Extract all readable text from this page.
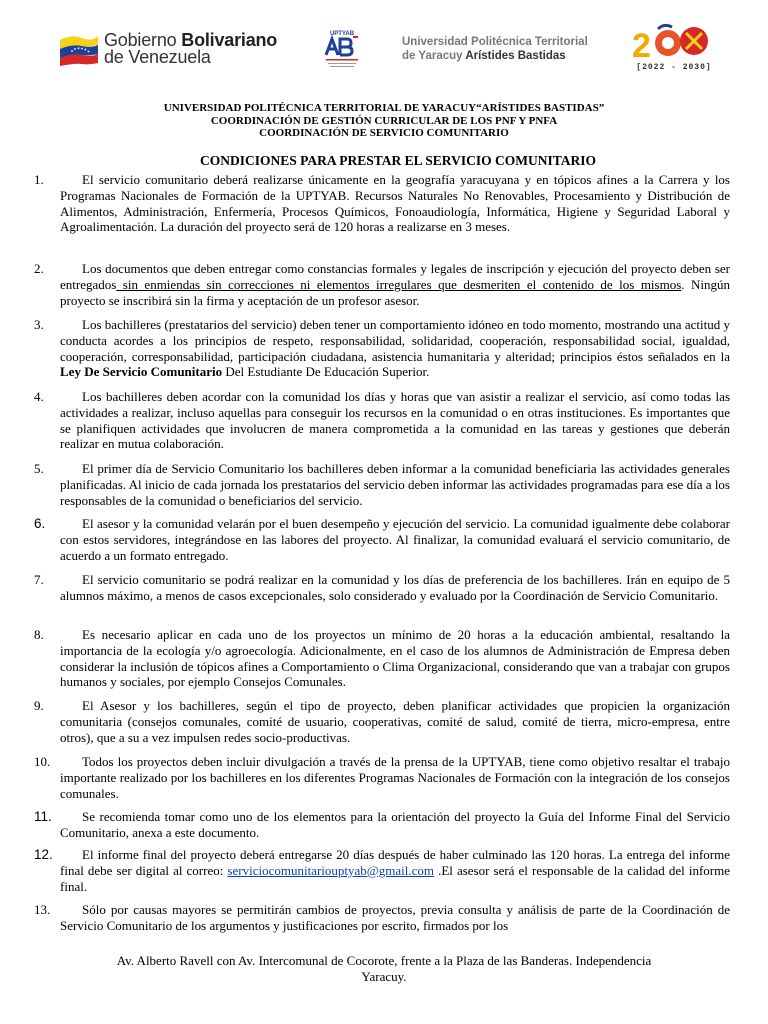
Gobierno Bolivariano
de Venezuela
UPTYAB
Universidad Politécnica Territorial
de Yaracuy Arístides Bastidas	2
[2022 - 2030]
UNIVERSIDAD POLITÉCNICA TERRITORIAL DE YARACUY“ARÍSTIDES BASTIDAS”
COORDINACIÓN DE GESTIÓN CURRICULAR DE LOS PNF Y PNFA
COORDINACIÓN DE SERVICIO COMUNITARIO
CONDICIONES PARA PRESTAR EL SERVICIO COMUNITARIO
1.	El servicio comunitario deberá realizarse únicamente en la geografía yaracuyana y en tópicos afines a la Carrera y los Programas Nacionales de Formación de la UPTYAB. Recursos Naturales No Renovables, Procesamiento y Distribución de Alimentos, Administración, Enfermería, Procesos Químicos, Fonoaudiología, Informática, Higiene y Seguridad Laboral y Agroalimentación. La duración del proyecto será de 120 horas a realizarse en 3 meses.
2.	Los documentos que deben entregar como constancias formales y legales de inscripción y ejecución del proyecto deben ser entregados sin enmiendas sin correcciones ni elementos irregulares que desmeriten el contenido de los mismos. Ningún proyecto se inscribirá sin la firma y aceptación de un profesor asesor.
3.	Los bachilleres (prestatarios del servicio) deben tener un comportamiento idóneo en todo momento, mostrando una actitud y conducta acordes a los principios de respeto, responsabilidad, solidaridad, cooperación, responsabilidad social, igualdad, cooperación, corresponsabilidad, participación ciudadana, asistencia humanitaria y alteridad; principios éstos señalados en la Ley De Servicio Comunitario Del Estudiante De Educación Superior.
4.	Los bachilleres deben acordar con la comunidad los días y horas que van asistir a realizar el servicio, así como todas las actividades a realizar, incluso aquellas para conseguir los recursos en la comunidad o en otras instituciones. Es importantes que se planifiquen actividades que involucren de manera comprometida a la comunidad en las tareas y gestiones que deberán realizar en mutua colaboración.
5.	El primer día de Servicio Comunitario los bachilleres deben informar a la comunidad beneficiaria las actividades generales planificadas. Al inicio de cada jornada los prestatarios del servicio deben informar las actividades programadas para ese día a los responsables de la comunidad o beneficiarios del servicio.
6.	El asesor y la comunidad velarán por el buen desempeño y ejecución del servicio. La comunidad igualmente debe colaborar con estos servidores, integrándose en las labores del proyecto. Al finalizar, la comunidad evaluará el servicio comunitario, de acuerdo a un formato entregado.
7.	El servicio comunitario se podrá realizar en la comunidad y los días de preferencia de los bachilleres. Irán en equipo de 5 alumnos máximo, a menos de casos excepcionales, solo considerado y evaluado por la Coordinación de Servicio Comunitario.
8.	Es necesario aplicar en cada uno de los proyectos un mínimo de 20 horas a la educación ambiental, resaltando la importancia de la ecología y/o agroecología. Adicionalmente, en el caso de los alumnos de Administración de Empresa deben considerar la inclusión de tópicos afines a Comportamiento o Clima Organizacional, considerando que van a trabajar con grupos humanos y sociales, por ejemplo Consejos Comunales.
9.	El Asesor y los bachilleres, según el tipo de proyecto, deben planificar actividades que propicien la organización comunitaria (consejos comunales, comité de usuario, cooperativas, comité de salud, comité de tierra, micro-empresa, entre otros), que a su a vez impulsen redes socio-productivas.
10.	Todos los proyectos deben incluir divulgación a través de la prensa de la UPTYAB, tiene como objetivo resaltar el trabajo importante realizado por los bachilleres en los diferentes Programas Nacionales de Formación con la integración de los consejos comunales.
11.	Se recomienda tomar como uno de los elementos para la orientación del proyecto la Guía del Informe Final del Servicio Comunitario, anexa a este documento.
12.	El informe final del proyecto deberá entregarse 20 días después de haber culminado las 120 horas. La entrega del informe final debe ser digital al correo: serviciocomunitariouptyab@gmail.com .El asesor será el responsable de la calidad del informe final.
13.	Sólo por causas mayores se permitirán cambios de proyectos, previa consulta y análisis de parte de la Coordinación de Servicio Comunitario de los argumentos y justificaciones por escrito, firmados por los
Av. Alberto Ravell con Av. Intercomunal de Cocorote, frente a la Plaza de las Banderas. Independencia
Yaracuy.
